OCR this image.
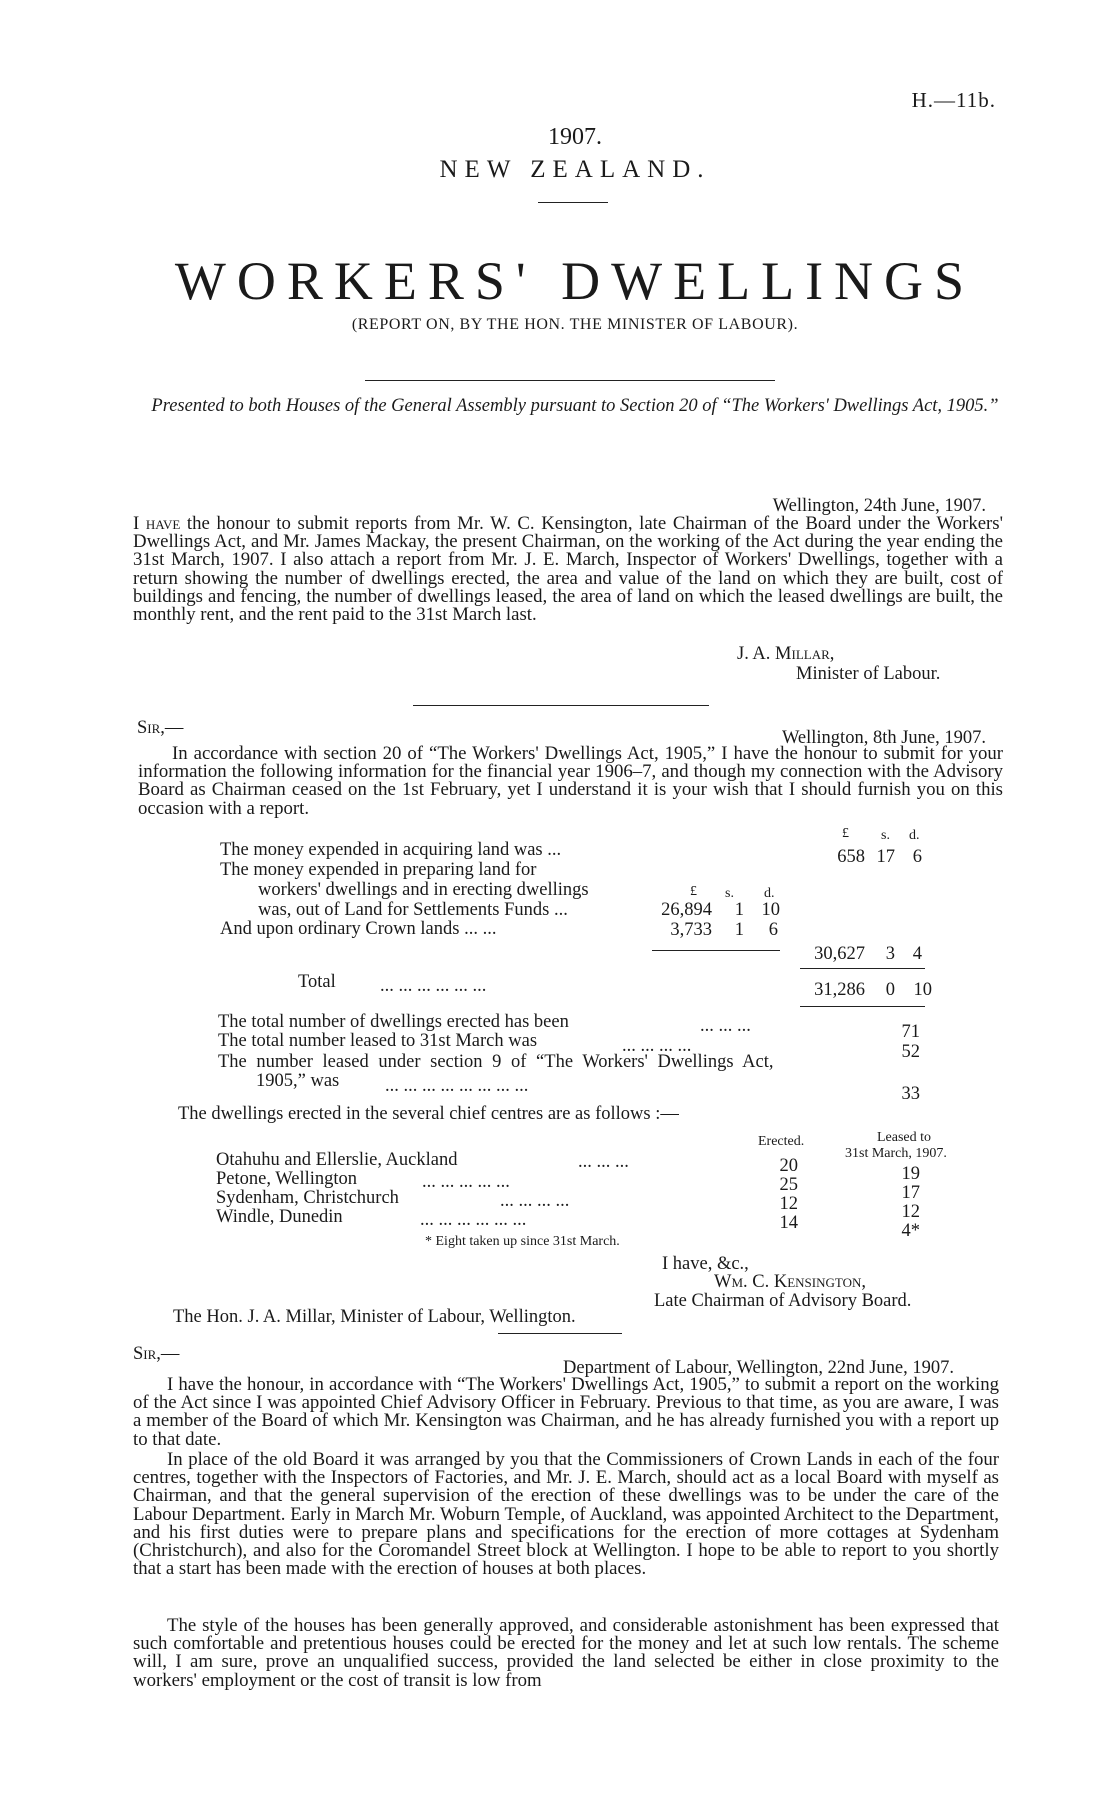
H.—11b.
1907.
NEW ZEALAND.
WORKERS' DWELLINGS
(REPORT ON, BY THE HON. THE MINISTER OF LABOUR).
Presented to both Houses of the General Assembly pursuant to Section 20 of “The Workers' Dwellings Act, 1905.”
Wellington, 24th June, 1907.
I have the honour to submit reports from Mr. W. C. Kensington, late Chairman of the Board under the Workers' Dwellings Act, and Mr. James Mackay, the present Chairman, on the working of the Act during the year ending the 31st March, 1907. I also attach a report from Mr. J. E. March, Inspector of Workers' Dwellings, together with a return showing the number of dwellings erected, the area and value of the land on which they are built, cost of buildings and fencing, the number of dwellings leased, the area of land on which the leased dwellings are built, the monthly rent, and the rent paid to the 31st March last.
J. A. Millar,
Minister of Labour.
Sir,—	Wellington, 8th June, 1907.
In accordance with section 20 of “The Workers' Dwellings Act, 1905,” I have the honour to submit for your information the following information for the financial year 1906–7, and though my connection with the Advisory Board as Chairman ceased on the 1st February, yet I understand it is your wish that I should furnish you on this occasion with a report.
£ s. d.
The money expended in acquiring land was ...	658 17 6
The money expended in preparing land for
workers' dwellings and in erecting dwellings	£ s. d.
was, out of Land for Settlements Funds ...	26,894	1 10
And upon ordinary Crown lands ... ...	3,733	1	6
30,627	3 4
Total ... ... ... ... ... ...	31,286	0	10
The total number of dwellings erected has been	... ... ...	71
The total number leased to 31st March was	... ... ... ...	52
The number leased under section 9 of “The Workers' Dwellings Act,
1905,” was ... ... ... ... ... ... ... ...	33
The dwellings erected in the several chief centres are as follows :—
Erected.	Leased to
31st March, 1907.
Otahuhu and Ellerslie, Auckland	... ... ...	20	19
Petone, Wellington	... ... ... ... ...	25	17
Sydenham, Christchurch	... ... ... ...	12	12
Windle, Dunedin	... ... ... ... ... ...	14	4*
* Eight taken up since 31st March.
I have, &c.,
Wm. C. Kensington,
Late Chairman of Advisory Board.
The Hon. J. A. Millar, Minister of Labour, Wellington.
Sir,—
Department of Labour, Wellington, 22nd June, 1907.
I have the honour, in accordance with “The Workers' Dwellings Act, 1905,” to submit a report on the working of the Act since I was appointed Chief Advisory Officer in February. Previous to that time, as you are aware, I was a member of the Board of which Mr. Kensington was Chairman, and he has already furnished you with a report up to that date.
In place of the old Board it was arranged by you that the Commissioners of Crown Lands in each of the four centres, together with the Inspectors of Factories, and Mr. J. E. March, should act as a local Board with myself as Chairman, and that the general supervision of the erection of these dwellings was to be under the care of the Labour Department. Early in March Mr. Woburn Temple, of Auckland, was appointed Architect to the Department, and his first duties were to prepare plans and specifications for the erection of more cottages at Sydenham (Christchurch), and also for the Coromandel Street block at Wellington. I hope to be able to report to you shortly that a start has been made with the erection of houses at both places.
The style of the houses has been generally approved, and considerable astonishment has been expressed that such comfortable and pretentious houses could be erected for the money and let at such low rentals. The scheme will, I am sure, prove an unqualified success, provided the land selected be either in close proximity to the workers' employment or the cost of transit is low from
